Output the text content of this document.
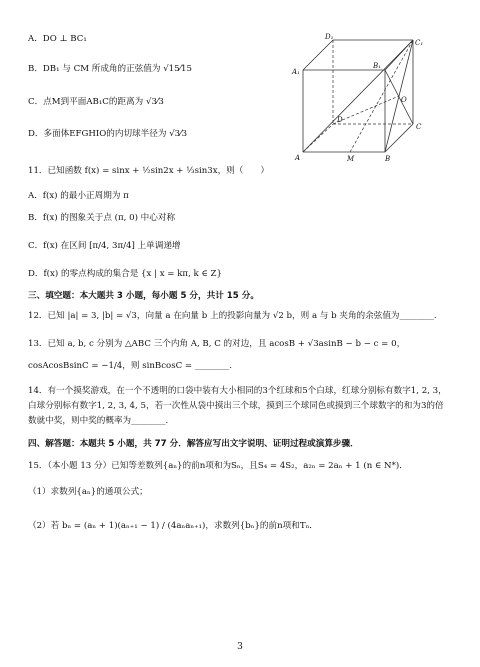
A．DO ⊥ BC₁
B．DB₁ 与 CM 所成角的正弦值为 √15⁄15
C．点M到平面AB₁C的距离为 √3⁄3
D．多面体EFGHIO的内切球半径为 √3⁄3
D₁
C₁
A₁
B₁
O
D
C
A	M	B
11．已知函数 f(x) = sinx + ½sin2x + ⅓sin3x，则（　　）
A．f(x) 的最小正周期为 π
B．f(x) 的图象关于点 (π, 0) 中心对称
C．f(x) 在区间 [π/4, 3π/4] 上单调递增
D．f(x) 的零点构成的集合是 {x | x = kπ, k ∈ Z}
三、填空题：本大题共 3 小题，每小题 5 分，共计 15 分。
12．已知 |a| = 3, |b| = √3，向量 a 在向量 b 上的投影向量为 √2 b，则 a 与 b 夹角的余弦值为________.
13．已知 a, b, c 分别为 △ABC 三个内角 A, B, C 的对边，且 acosB + √3asinB − b − c = 0，
cosAcosBsinC = −1/4，则 sinBcosC = ________.
14．有一个摸奖游戏，在一个不透明的口袋中装有大小相同的3个红球和5个白球，红球分别标有数字1, 2, 3，白球分别标有数字1, 2, 3, 4, 5，若一次性从袋中摸出三个球，摸到三个球同色或摸到三个球数字的和为3的倍数就中奖，则中奖的概率为________.
四、解答题：本题共 5 小题，共 77 分．解答应写出文字说明、证明过程或演算步骤．
15．（本小题 13 分）已知等差数列{aₙ}的前n项和为Sₙ，且S₄ = 4S₂，a₂ₙ = 2aₙ + 1 (n ∈ N*)．
（1）求数列{aₙ}的通项公式；
（2）若 bₙ = (aₙ + 1)(aₙ₊₁ − 1) / (4aₙaₙ₊₁)，求数列{bₙ}的前n项和Tₙ．
3
